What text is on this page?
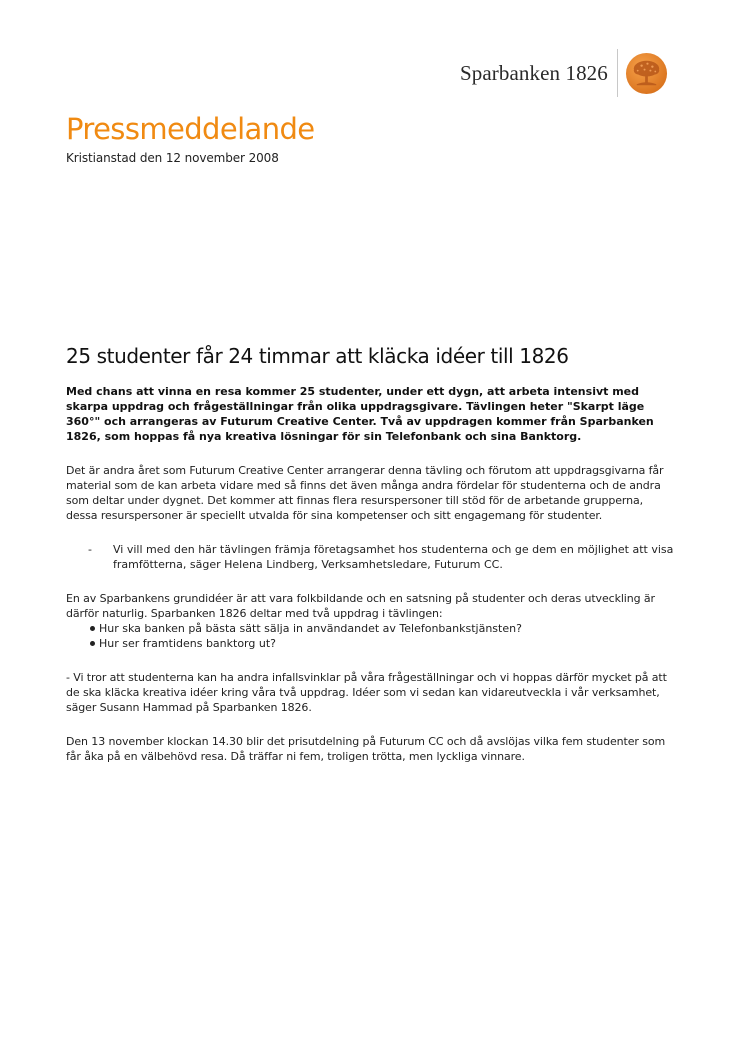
Sparbanken 1826
Pressmeddelande

Kristianstad den 12 november 2008

25 studenter får 24 timmar att kläcka idéer till 1826

Med chans att vinna en resa kommer 25 studenter, under ett dygn, att arbeta intensivt med skarpa uppdrag och frågeställningar från olika uppdragsgivare. Tävlingen heter "Skarpt läge 360°" och arrangeras av Futurum Creative Center. Två av uppdragen kommer från Sparbanken 1826, som hoppas få nya kreativa lösningar för sin Telefonbank och sina Banktorg.

Det är andra året som Futurum Creative Center arrangerar denna tävling och förutom att uppdragsgivarna får material som de kan arbeta vidare med så finns det även många andra fördelar för studenterna och de andra som deltar under dygnet. Det kommer att finnas flera resurspersoner till stöd för de arbetande grupperna, dessa resurspersoner är speciellt utvalda för sina kompetenser och sitt engagemang för studenter.

-	Vi vill med den här tävlingen främja företagsamhet hos studenterna och ge dem en möjlighet att visa framfötterna, säger Helena Lindberg, Verksamhetsledare, Futurum CC.

En av Sparbankens grundidéer är att vara folkbildande och en satsning på studenter och deras utveckling är därför naturlig. Sparbanken 1826 deltar med två uppdrag i tävlingen:

Hur ska banken på bästa sätt sälja in användandet av Telefonbankstjänsten?
Hur ser framtidens banktorg ut?

- Vi tror att studenterna kan ha andra infallsvinklar på våra frågeställningar och vi hoppas därför mycket på att de ska kläcka kreativa idéer kring våra två uppdrag. Idéer som vi sedan kan vidareutveckla i vår verksamhet, säger Susann Hammad på Sparbanken 1826.

Den 13 november klockan 14.30 blir det prisutdelning på Futurum CC och då avslöjas vilka fem studenter som får åka på en välbehövd resa. Då träffar ni fem, troligen trötta, men lyckliga vinnare.
